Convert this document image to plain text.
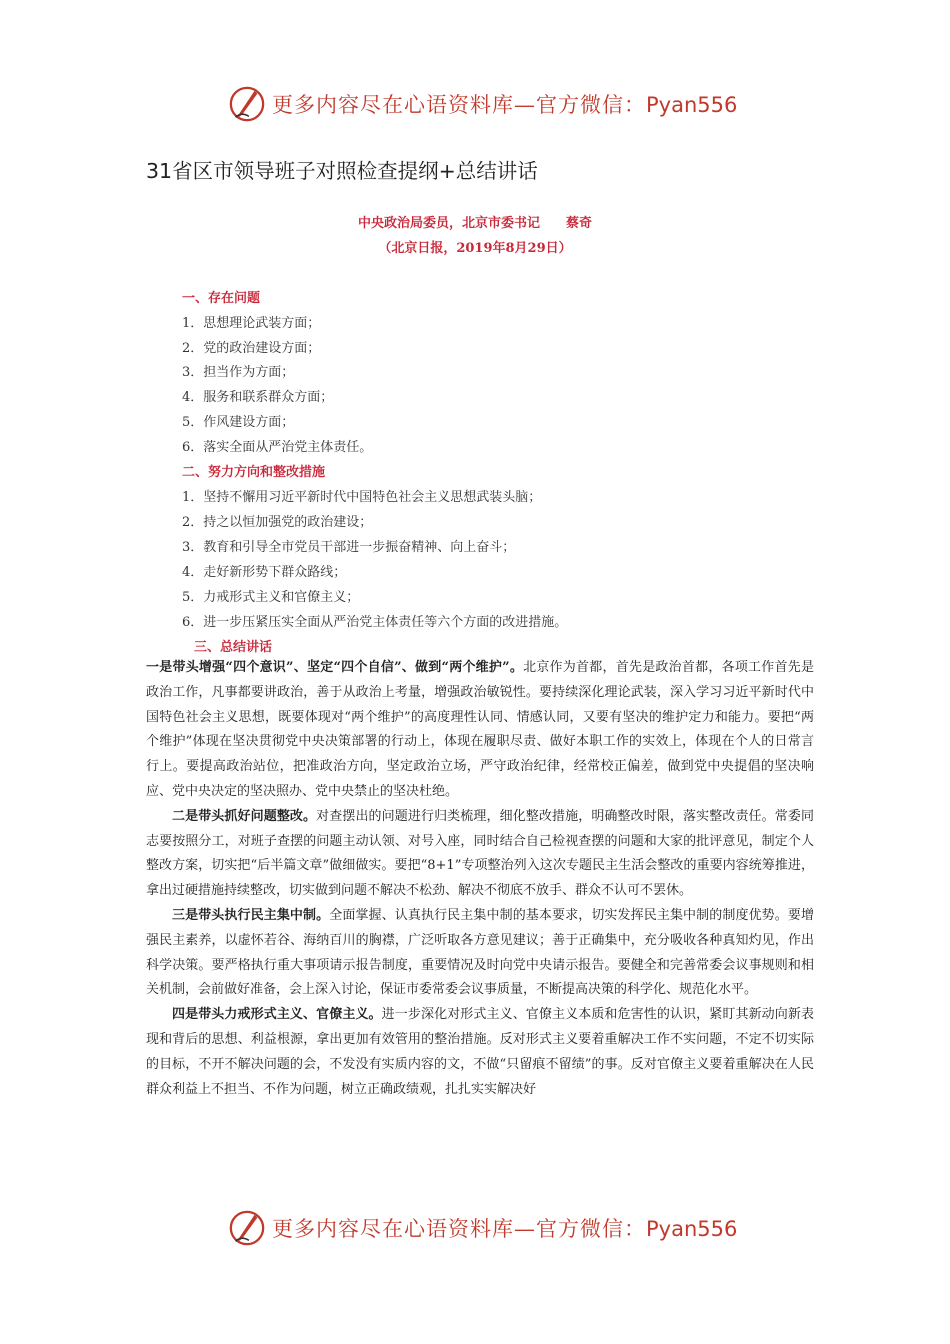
更多内容尽在心语资料库—官方微信：Pyan556
31省区市领导班子对照检查提纲+总结讲话
中央政治局委员，北京市委书记　　蔡奇
（北京日报，2019年8月29日）
一、存在问题
1．思想理论武装方面；
2．党的政治建设方面；
3．担当作为方面；
4．服务和联系群众方面；
5．作风建设方面；
6．落实全面从严治党主体责任。
二、努力方向和整改措施
1．坚持不懈用习近平新时代中国特色社会主义思想武装头脑；
2．持之以恒加强党的政治建设；
3．教育和引导全市党员干部进一步振奋精神、向上奋斗；
4．走好新形势下群众路线；
5．力戒形式主义和官僚主义；
6．进一步压紧压实全面从严治党主体责任等六个方面的改进措施。
三、总结讲话

一是带头增强“四个意识”、坚定“四个自信”、做到“两个维护”。北京作为首都，首先是政治首都，各项工作首先是政治工作，凡事都要讲政治，善于从政治上考量，增强政治敏锐性。要持续深化理论武装，深入学习习近平新时代中国特色社会主义思想，既要体现对“两个维护”的高度理性认同、情感认同，又要有坚决的维护定力和能力。要把“两个维护”体现在坚决贯彻党中央决策部署的行动上，体现在履职尽责、做好本职工作的实效上，体现在个人的日常言行上。要提高政治站位，把准政治方向，坚定政治立场，严守政治纪律，经常校正偏差，做到党中央提倡的坚决响应、党中央决定的坚决照办、党中央禁止的坚决杜绝。

二是带头抓好问题整改。对查摆出的问题进行归类梳理，细化整改措施，明确整改时限，落实整改责任。常委同志要按照分工，对班子查摆的问题主动认领、对号入座，同时结合自己检视查摆的问题和大家的批评意见，制定个人整改方案，切实把“后半篇文章”做细做实。要把“8+1”专项整治列入这次专题民主生活会整改的重要内容统筹推进，拿出过硬措施持续整改，切实做到问题不解决不松劲、解决不彻底不放手、群众不认可不罢休。

三是带头执行民主集中制。全面掌握、认真执行民主集中制的基本要求，切实发挥民主集中制的制度优势。要增强民主素养，以虚怀若谷、海纳百川的胸襟，广泛听取各方意见建议；善于正确集中，充分吸收各种真知灼见，作出科学决策。要严格执行重大事项请示报告制度，重要情况及时向党中央请示报告。要健全和完善常委会议事规则和相关机制，会前做好准备，会上深入讨论，保证市委常委会议事质量，不断提高决策的科学化、规范化水平。

四是带头力戒形式主义、官僚主义。进一步深化对形式主义、官僚主义本质和危害性的认识，紧盯其新动向新表现和背后的思想、利益根源，拿出更加有效管用的整治措施。反对形式主义要着重解决工作不实问题，不定不切实际的目标，不开不解决问题的会，不发没有实质内容的文，不做“只留痕不留绩”的事。反对官僚主义要着重解决在人民群众利益上不担当、不作为问题，树立正确政绩观，扎扎实实解决好

更多内容尽在心语资料库—官方微信：Pyan556
